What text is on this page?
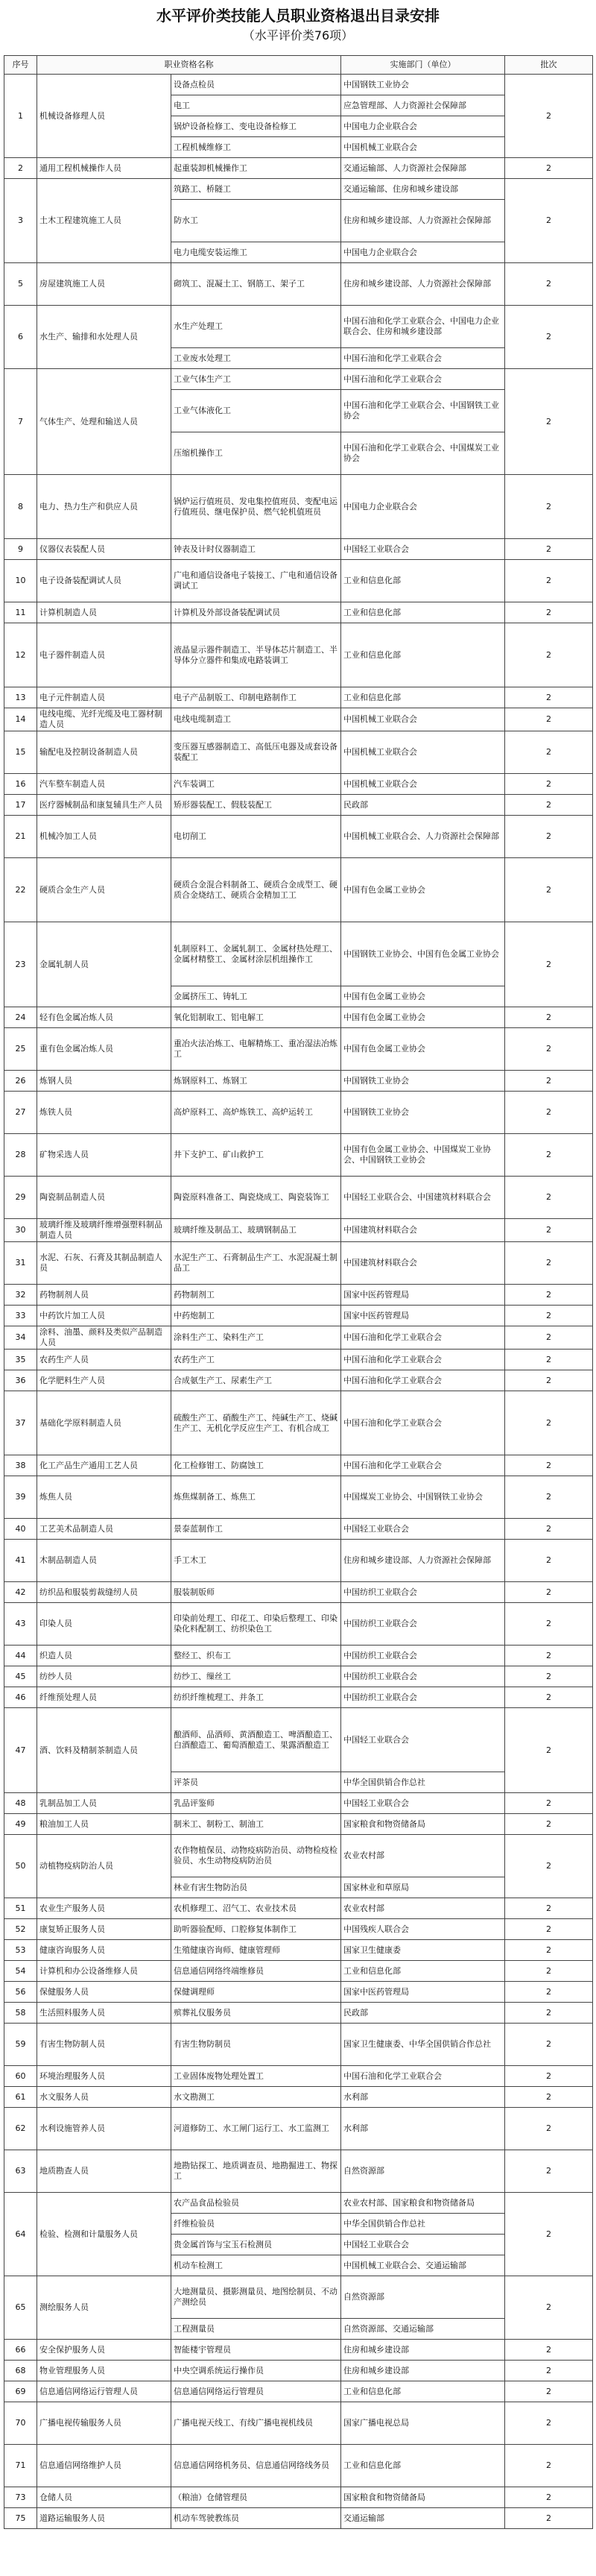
水平评价类技能人员职业资格退出目录安排
（水平评价类76项）
序号	职业资格名称		实施部门（单位）	批次
1	机械设备修理人员	设备点检员	中国钢铁工业协会	2
		电工	应急管理部、人力资源社会保障部	
		锅炉设备检修工、变电设备检修工	中国电力企业联合会	
		工程机械维修工	中国机械工业联合会	
2	通用工程机械操作人员	起重装卸机械操作工	交通运输部、人力资源社会保障部	2
3	土木工程建筑施工人员	筑路工、桥隧工	交通运输部、住房和城乡建设部	2
		防水工	住房和城乡建设部、人力资源社会保障部	
		电力电缆安装运维工	中国电力企业联合会	
5	房屋建筑施工人员	砌筑工、混凝土工、钢筋工、架子工	住房和城乡建设部、人力资源社会保障部	2
6	水生产、输排和水处理人员	水生产处理工	中国石油和化学工业联合会、中国电力企业联合会、住房和城乡建设部	2
		工业废水处理工	中国石油和化学工业联合会	
7	气体生产、处理和输送人员	工业气体生产工	中国石油和化学工业联合会	2
		工业气体液化工	中国石油和化学工业联合会、中国钢铁工业协会	
		压缩机操作工	中国石油和化学工业联合会、中国煤炭工业协会	
8	电力、热力生产和供应人员	锅炉运行值班员、发电集控值班员、变配电运行值班员、继电保护员、燃气轮机值班员	中国电力企业联合会	2
9	仪器仪表装配人员	钟表及计时仪器制造工	中国轻工业联合会	2
10	电子设备装配调试人员	广电和通信设备电子装接工、广电和通信设备调试工	工业和信息化部	2
11	计算机制造人员	计算机及外部设备装配调试员	工业和信息化部	2
12	电子器件制造人员	液晶显示器件制造工、半导体芯片制造工、半导体分立器件和集成电路装调工	工业和信息化部	2
13	电子元件制造人员	电子产品制版工、印制电路制作工	工业和信息化部	2
14	电线电缆、光纤光缆及电工器材制造人员	电线电缆制造工	中国机械工业联合会	2
15	输配电及控制设备制造人员	变压器互感器制造工、高低压电器及成套设备装配工	中国机械工业联合会	2
16	汽车整车制造人员	汽车装调工	中国机械工业联合会	2
17	医疗器械制品和康复辅具生产人员	矫形器装配工、假肢装配工	民政部	2
21	机械冷加工人员	电切削工	中国机械工业联合会、人力资源社会保障部	2
22	硬质合金生产人员	硬质合金混合料制备工、硬质合金成型工、硬质合金烧结工、硬质合金精加工工	中国有色金属工业协会	2
23	金属轧制人员	轧制原料工、金属轧制工、金属材热处理工、金属材精整工、金属材涂层机组操作工	中国钢铁工业协会、中国有色金属工业协会	2
		金属挤压工、铸轧工	中国有色金属工业协会	
24	轻有色金属冶炼人员	氧化铝制取工、铝电解工	中国有色金属工业协会	2
25	重有色金属冶炼人员	重冶火法冶炼工、电解精炼工、重冶湿法冶炼工	中国有色金属工业协会	2
26	炼钢人员	炼钢原料工、炼钢工	中国钢铁工业协会	2
27	炼铁人员	高炉原料工、高炉炼铁工、高炉运转工	中国钢铁工业协会	2
28	矿物采选人员	井下支护工、矿山救护工	中国有色金属工业协会、中国煤炭工业协会、中国钢铁工业协会	2
29	陶瓷制品制造人员	陶瓷原料准备工、陶瓷烧成工、陶瓷装饰工	中国轻工业联合会、中国建筑材料联合会	2
30	玻璃纤维及玻璃纤维增强塑料制品制造人员	玻璃纤维及制品工、玻璃钢制品工	中国建筑材料联合会	2
31	水泥、石灰、石膏及其制品制造人员	水泥生产工、石膏制品生产工、水泥混凝土制品工	中国建筑材料联合会	2
32	药物制剂人员	药物制剂工	国家中医药管理局	2
33	中药饮片加工人员	中药炮制工	国家中医药管理局	2
34	涂料、油墨、颜料及类似产品制造人员	涂料生产工、染料生产工	中国石油和化学工业联合会	2
35	农药生产人员	农药生产工	中国石油和化学工业联合会	2
36	化学肥料生产人员	合成氨生产工、尿素生产工	中国石油和化学工业联合会	2
37	基础化学原料制造人员	硫酸生产工、硝酸生产工、纯碱生产工、烧碱生产工、无机化学反应生产工、有机合成工	中国石油和化学工业联合会	2
38	化工产品生产通用工艺人员	化工检修钳工、防腐蚀工	中国石油和化学工业联合会	2
39	炼焦人员	炼焦煤制备工、炼焦工	中国煤炭工业协会、中国钢铁工业协会	2
40	工艺美术品制造人员	景泰蓝制作工	中国轻工业联合会	2
41	木制品制造人员	手工木工	住房和城乡建设部、人力资源社会保障部	2
42	纺织品和服装剪裁缝纫人员	服装制版师	中国纺织工业联合会	2
43	印染人员	印染前处理工、印花工、印染后整理工、印染染化料配制工、纺织染色工	中国纺织工业联合会	2
44	织造人员	整经工、织布工	中国纺织工业联合会	2
45	纺纱人员	纺纱工、缫丝工	中国纺织工业联合会	2
46	纤维预处理人员	纺织纤维梳理工、并条工	中国纺织工业联合会	2
47	酒、饮料及精制茶制造人员	酿酒师、品酒师、黄酒酿造工、啤酒酿造工、白酒酿造工、葡萄酒酿造工、果露酒酿造工	中国轻工业联合会	2
		评茶员	中华全国供销合作总社	
48	乳制品加工人员	乳品评鉴师	中国轻工业联合会	2
49	粮油加工人员	制米工、制粉工、制油工	国家粮食和物资储备局	2
50	动植物疫病防治人员	农作物植保员、动物疫病防治员、动物检疫检验员、水生动物疫病防治员	农业农村部	2
		林业有害生物防治员	国家林业和草原局	
51	农业生产服务人员	农机修理工、沼气工、农业技术员	农业农村部	2
52	康复矫正服务人员	助听器验配师、口腔修复体制作工	中国残疾人联合会	2
53	健康咨询服务人员	生殖健康咨询师、健康管理师	国家卫生健康委	2
54	计算机和办公设备维修人员	信息通信网络终端维修员	工业和信息化部	2
56	保健服务人员	保健调理师	国家中医药管理局	2
58	生活照料服务人员	殡葬礼仪服务员	民政部	2
59	有害生物防制人员	有害生物防制员	国家卫生健康委、中华全国供销合作总社	2
60	环境治理服务人员	工业固体废物处理处置工	中国石油和化学工业联合会	2
61	水文服务人员	水文勘测工	水利部	2
62	水利设施管养人员	河道修防工、水工闸门运行工、水工监测工	水利部	2
63	地质勘查人员	地勘钻探工、地质调查员、地勘掘进工、物探工	自然资源部	2
64	检验、检测和计量服务人员	农产品食品检验员	农业农村部、国家粮食和物资储备局	2
		纤维检验员	中华全国供销合作总社	
		贵金属首饰与宝玉石检测员	中国轻工业联合会	
		机动车检测工	中国机械工业联合会、交通运输部	
65	测绘服务人员	大地测量员、摄影测量员、地图绘制员、不动产测绘员	自然资源部	2
		工程测量员	自然资源部、交通运输部	
66	安全保护服务人员	智能楼宇管理员	住房和城乡建设部	2
68	物业管理服务人员	中央空调系统运行操作员	住房和城乡建设部	2
69	信息通信网络运行管理人员	信息通信网络运行管理员	工业和信息化部	2
70	广播电视传输服务人员	广播电视天线工、有线广播电视机线员	国家广播电视总局	2
71	信息通信网络维护人员	信息通信网络机务员、信息通信网络线务员	工业和信息化部	2
73	仓储人员	（粮油）仓储管理员	国家粮食和物资储备局	2
75	道路运输服务人员	机动车驾驶教练员	交通运输部	2
